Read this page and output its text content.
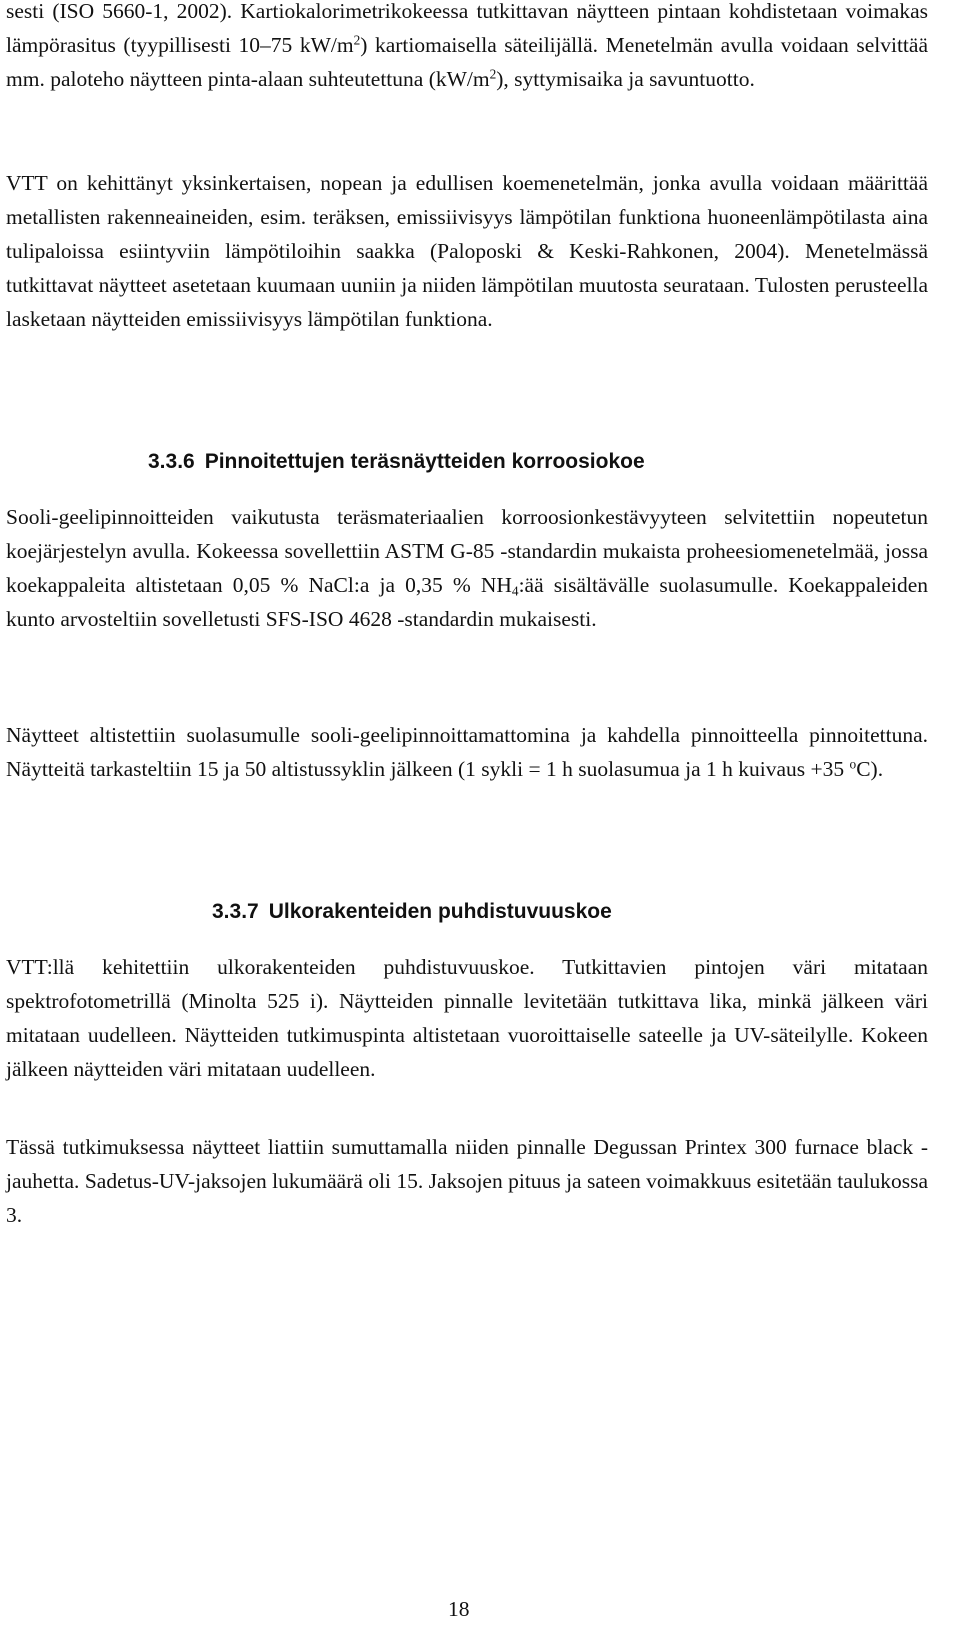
sesti (ISO 5660-1, 2002). Kartiokalorimetrikokeessa tutkittavan näytteen pintaan kohdistetaan voimakas lämpörasitus (tyypillisesti 10–75 $kW/m^2$) kartiomaisella säteilijällä. Menetelmän avulla voidaan selvittää mm. paloteho näytteen pinta-alaan suhteutettuna $(kW/m^2)$, syttymisaika ja savuntuotto.

VTT on kehittänyt yksinkertaisen, nopean ja edullisen koemenetelmän, jonka avulla voidaan määrittää metallisten rakenneaineiden, esim. teräksen, emissiivisyys lämpötilan funktiona huoneenlämpötilasta aina tulipaloissa esiintyviin lämpötiloihin saakka (Paloposki & Keski-Rahkonen, 2004). Menetelmässä tutkittavat näytteet asetetaan kuumaan uuniin ja niiden lämpötilan muutosta seurataan. Tulosten perusteella lasketaan näytteiden emissiivisyys lämpötilan funktiona.

3.3.6 Pinnoitettujen teräsnäytteiden korroosiokoe

Sooli-geelipinnoitteiden vaikutusta teräsmateriaalien korroosionkestävyyteen selvitettiin nopeutetun koejärjestelyn avulla. Kokeessa sovellettiin ASTM G-85 -standardin mukaista proheesiomenetelmää, jossa koekappaleita altistetaan 0,05 % NaCl:a ja 0,35 % $NH_4:ää$ sisältävälle suolasumulle. Koekappaleiden kunto arvosteltiin sovelletusti SFS-ISO 4628 -standardin mukaisesti.

Näytteet altistettiin suolasumulle sooli-geelipinnoittamattomina ja kahdella pinnoitteella pinnoitettuna. Näytteitä tarkasteltiin 15 ja 50 altistussyklin jälkeen (1 sykli = 1 h suolasumua ja 1 h kuivaus +35 $^o$C).

3.3.7 Ulkorakenteiden puhdistuvuuskoe

VTT:llä kehitettiin ulkorakenteiden puhdistuvuuskoe. Tutkittavien pintojen väri mitataan spektrofotometrillä (Minolta 525 i). Näytteiden pinnalle levitetään tutkittava lika, minkä jälkeen väri mitataan uudelleen. Näytteiden tutkimuspinta altistetaan vuoroittaiselle sateelle ja UV-säteilylle. Kokeen jälkeen näytteiden väri mitataan uudelleen.

Tässä tutkimuksessa näytteet liattiin sumuttamalla niiden pinnalle Degussan Printex 300 furnace black -jauhetta. Sadetus-UV-jaksojen lukumäärä oli 15. Jaksojen pituus ja sateen voimakkuus esitetään taulukossa 3.

18
